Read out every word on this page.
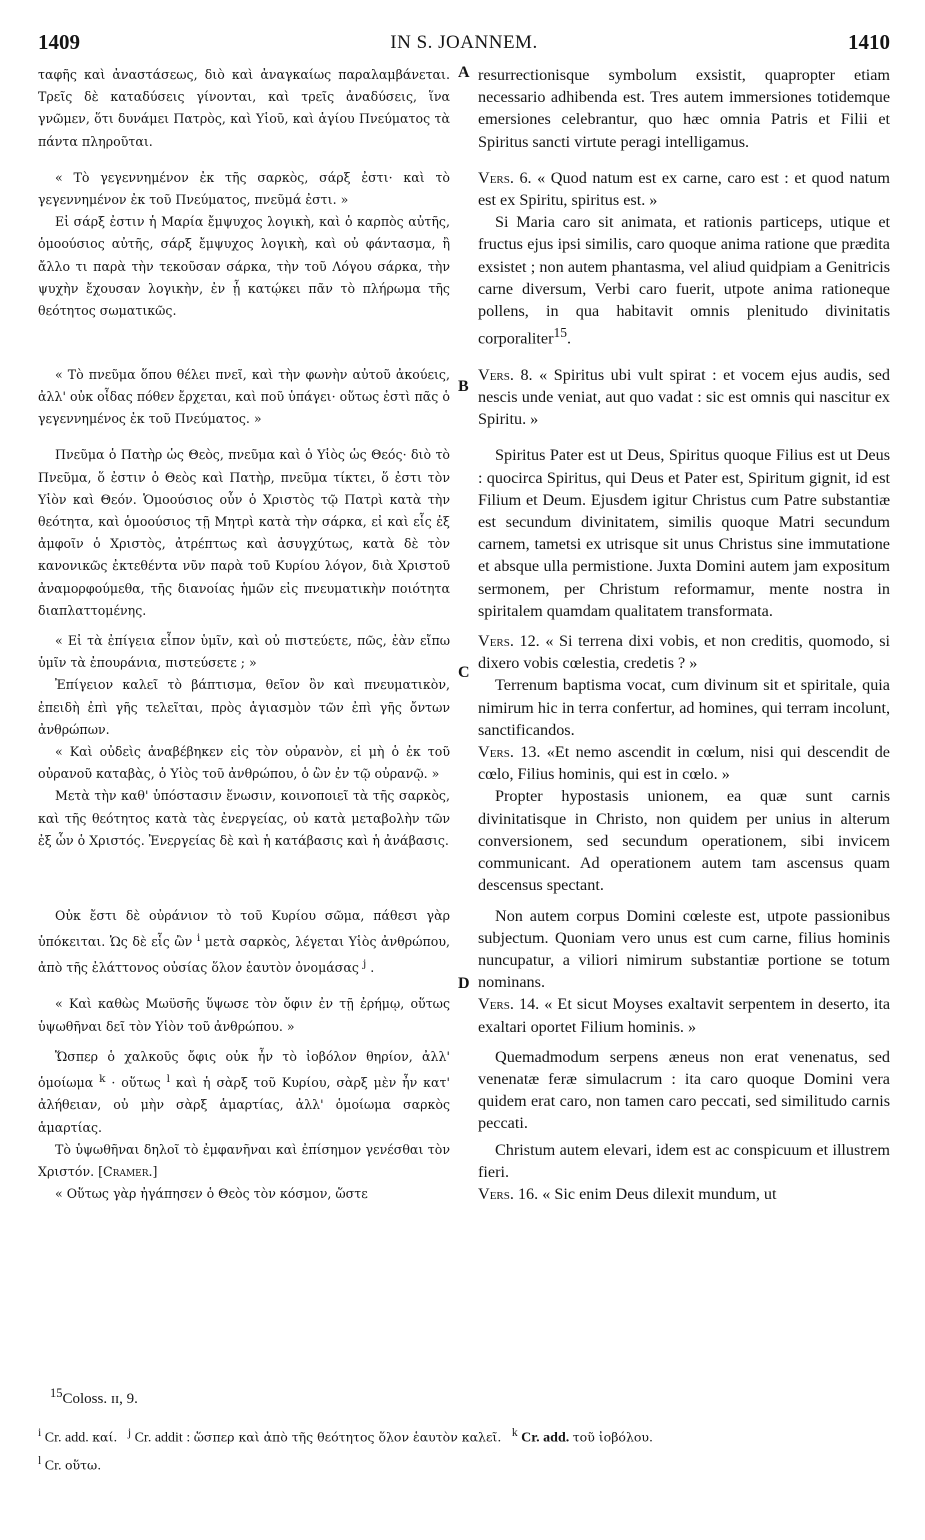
1409	IN S. JOANNEM.	1410

ταφῆς καὶ ἀναστάσεως, διὸ καὶ ἀναγκαίως παραλαμβάνεται. Τρεῖς δὲ καταδύσεις γίνονται, καὶ τρεῖς ἀναδύσεις, ἵνα γνῶμεν, ὅτι δυνάμει Πατρὸς, καὶ Υἱοῦ, καὶ ἁγίου Πνεύματος τὰ πάντα πληροῦται.

A resurrectionisque symbolum exsistit, quapropter etiam necessario adhibenda est. Tres autem immersiones totidemque emersiones celebrantur, quo hæc omnia Patris et Filii et Spiritus sancti virtute peragi intelligamus.

« Τὸ γεγεννημένον ἐκ τῆς σαρκὸς, σάρξ ἐστι· καὶ τὸ γεγεννημένον ἐκ τοῦ Πνεύματος, πνεῦμά ἐστι. »

Vers. 6. « Quod natum est ex carne, caro est : et quod natum est ex Spiritu, spiritus est. »

Εἰ σάρξ ἐστιν ἡ Μαρία ἔμψυχος λογικὴ, καὶ ὁ καρπὸς αὐτῆς, ὁμοούσιος αὐτῆς, σάρξ ἔμψυχος λογικὴ, καὶ οὐ φάντασμα, ἢ ἄλλο τι παρὰ τὴν τεκοῦσαν σάρκα, τὴν τοῦ Λόγου σάρκα, τὴν ψυχὴν ἔχουσαν λογικὴν, ἐν ᾗ κατῴκει πᾶν τὸ πλήρωμα τῆς θεότητος σωματικῶς.

Si Maria caro sit animata, et rationis particeps, utique et fructus ejus ipsi similis, caro quoque anima ratione que prædita exsistet ; non autem phantasma, vel aliud quidpiam a Genitricis carne diversum, Verbi caro fuerit, utpote anima rationeque pollens, in qua habitavit omnis plenitudo divinitatis corporaliter$^{15}$.

« Τὸ πνεῦμα ὅπου θέλει πνεῖ, καὶ τὴν φωνὴν αὐτοῦ ἀκούεις, ἀλλ' οὐκ οἶδας πόθεν ἔρχεται, καὶ ποῦ ὑπάγει· οὕτως ἐστὶ πᾶς ὁ γεγεννημένος ἐκ τοῦ Πνεύματος. »

B

Vers. 8. « Spiritus ubi vult spirat : et vocem ejus audis, sed nescis unde veniat, aut quo vadat : sic est omnis qui nascitur ex Spiritu. »

Πνεῦμα ὁ Πατὴρ ὡς Θεὸς, πνεῦμα καὶ ὁ Υἱὸς ὡς Θεός· διὸ τὸ Πνεῦμα, ὅ ἐστιν ὁ Θεὸς καὶ Πατὴρ, πνεῦμα τίκτει, ὅ ἐστι τὸν Υἱὸν καὶ Θεόν. Ὁμοούσιος οὖν ὁ Χριστὸς τῷ Πατρὶ κατὰ τὴν θεότητα, καὶ ὁμοούσιος τῇ Μητρὶ κατὰ τὴν σάρκα, εἰ καὶ εἷς ἐξ ἀμφοῖν ὁ Χριστὸς, ἀτρέπτως καὶ ἀσυγχύτως, κατὰ δὲ τὸν κανονικῶς ἐκτεθέντα νῦν παρὰ τοῦ Κυρίου λόγον, διὰ Χριστοῦ ἀναμορφούμεθα, τῆς διανοίας ἡμῶν εἰς πνευματικὴν ποιότητα διαπλαττομένης.

Spiritus Pater est ut Deus, Spiritus quoque Filius est ut Deus : quocirca Spiritus, qui Deus et Pater est, Spiritum gignit, id est Filium et Deum. Ejusdem igitur Christus cum Patre substantiæ est secundum divinitatem, similis quoque Matri secundum carnem, tametsi ex utrisque sit unus Christus sine immutatione et absque ulla permistione. Juxta Domini autem jam expositum sermonem, per Christum reformamur, mente nostra in spiritalem quamdam qualitatem transformata.

« Εἰ τὰ ἐπίγεια εἶπον ὑμῖν, καὶ οὐ πιστεύετε, πῶς, ἐὰν εἴπω ὑμῖν τὰ ἐπουράνια, πιστεύσετε ; »

C

Vers. 12. « Si terrena dixi vobis, et non creditis, quomodo, si dixero vobis cœlestia, credetis ? »

Ἐπίγειον καλεῖ τὸ βάπτισμα, θεῖον ὂν καὶ πνευματικὸν, ἐπειδὴ ἐπὶ γῆς τελεῖται, πρὸς ἁγιασμὸν τῶν ἐπὶ γῆς ὄντων ἀνθρώπων.

Terrenum baptisma vocat, cum divinum sit et spiritale, quia nimirum hic in terra confertur, ad homines, qui terram incolunt, sanctificandos.

« Καὶ οὐδεὶς ἀναβέβηκεν εἰς τὸν οὐρανὸν, εἰ μὴ ὁ ἐκ τοῦ οὐρανοῦ καταβὰς, ὁ Υἱὸς τοῦ ἀνθρώπου, ὁ ὢν ἐν τῷ οὐρανῷ. »

Vers. 13. «Et nemo ascendit in cœlum, nisi qui descendit de cœlo, Filius hominis, qui est in cœlo. »

Μετὰ τὴν καθ' ὑπόστασιν ἕνωσιν, κοινοποιεῖ τὰ τῆς σαρκὸς, καὶ τῆς θεότητος κατὰ τὰς ἐνεργείας, οὐ κατὰ μεταβολὴν τῶν ἐξ ὧν ὁ Χριστός. Ἐνεργείας δὲ καὶ ἡ κατάβασις καὶ ἡ ἀνάβασις.

Propter hypostasis unionem, ea quæ sunt carnis divinitatisque in Christo, non quidem per unius in alterum conversionem, sed secundum operationem, sibi invicem communicant. Ad operationem autem tam ascensus quam descensus spectant.

Οὐκ ἔστι δὲ οὐράνιον τὸ τοῦ Κυρίου σῶμα, πάθεσι γὰρ ὑπόκειται. Ὡς δὲ εἷς ὢν $^i$ μετὰ σαρκὸς, λέγεται Υἱὸς ἀνθρώπου, ἀπὸ τῆς ἐλάττονος οὐσίας ὅλον ἑαυτὸν ὀνομάσας $^j$ .

D

Non autem corpus Domini cœleste est, utpote passionibus subjectum. Quoniam vero unus est cum carne, filius hominis nuncupatur, a viliori nimirum substantiæ portione se totum nominans.

« Καὶ καθὼς Μωϋσῆς ὕψωσε τὸν ὄφιν ἐν τῇ ἐρήμῳ, οὕτως ὑψωθῆναι δεῖ τὸν Υἱὸν τοῦ ἀνθρώπου. »

Vers. 14. « Et sicut Moyses exaltavit serpentem in deserto, ita exaltari oportet Filium hominis. »

Ὥσπερ ὁ χαλκοῦς ὄφις οὐκ ἦν τὸ ἰοβόλον θηρίον, ἀλλ' ὁμοίωμα $^k$ · οὕτως $^l$ καὶ ἡ σὰρξ τοῦ Κυρίου, σὰρξ μὲν ἦν κατ' ἀλήθειαν, οὐ μὴν σὰρξ ἁμαρτίας, ἀλλ' ὁμοίωμα σαρκὸς ἁμαρτίας.

Quemadmodum serpens æneus non erat venenatus, sed venenatæ feræ simulacrum : ita caro quoque Domini vera quidem erat caro, non tamen caro peccati, sed similitudo carnis peccati.

Τὸ ὑψωθῆναι δηλοῖ τὸ ἐμφανῆναι καὶ ἐπίσημον γενέσθαι τὸν Χριστόν. [Cramer.]

Christum autem elevari, idem est ac conspicuum et illustrem fieri.

« Οὕτως γὰρ ἠγάπησεν ὁ Θεὸς τὸν κόσμον, ὥστε	Vers. 16. « Sic enim Deus dilexit mundum, ut

$^{15}$Coloss. ɪɪ, 9.
$^i$ Cr. add. καί. $^j$ Cr. addit : ὥσπερ καὶ ἀπὸ τῆς θεότητος ὅλον ἑαυτὸν καλεῖ. $^k$ Cr. add. τοῦ ἰοβόλου.
$^l$ Cr. οὕτω.
